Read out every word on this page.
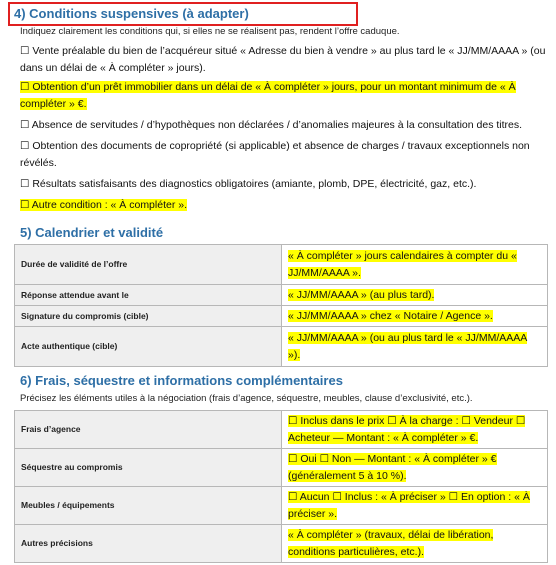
4) Conditions suspensives (à adapter)
Indiquez clairement les conditions qui, si elles ne se réalisent pas, rendent l’offre caduque.
☐ Vente préalable du bien de l’acquéreur situé « Adresse du bien à vendre » au plus tard le « JJ/MM/AAAA » (ou dans un délai de « À compléter » jours).
☐ Obtention d’un prêt immobilier dans un délai de « À compléter » jours, pour un montant minimum de « À compléter » €.
☐ Absence de servitudes / d’hypothèques non déclarées / d’anomalies majeures à la consultation des titres.
☐ Obtention des documents de copropriété (si applicable) et absence de charges / travaux exceptionnels non révélés.
☐ Résultats satisfaisants des diagnostics obligatoires (amiante, plomb, DPE, électricité, gaz, etc.).
☐ Autre condition : « À compléter ».
5) Calendrier et validité
Durée de validité de l’offre	« À compléter » jours calendaires à compter du « JJ/MM/AAAA ».
Réponse attendue avant le	« JJ/MM/AAAA » (au plus tard).
Signature du compromis (cible)	« JJ/MM/AAAA » chez « Notaire / Agence ».
Acte authentique (cible)	« JJ/MM/AAAA » (ou au plus tard le « JJ/MM/AAAA »).
6) Frais, séquestre et informations complémentaires
Précisez les éléments utiles à la négociation (frais d’agence, séquestre, meubles, clause d’exclusivité, etc.).
Frais d’agence	☐ Inclus dans le prix ☐ À la charge : ☐ Vendeur ☐ Acheteur — Montant : « À compléter » €.
Séquestre au compromis	☐ Oui ☐ Non — Montant : « À compléter » € (généralement 5 à 10 %).
Meubles / équipements	☐ Aucun ☐ Inclus : « À préciser » ☐ En option : « À préciser ».
Autres précisions	« À compléter » (travaux, délai de libération, conditions particulières, etc.).
